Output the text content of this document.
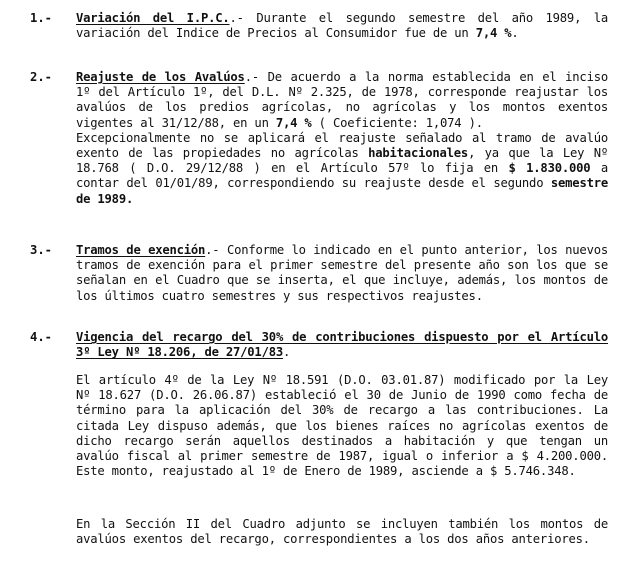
1.- Variación del I.P.C..- Durante el segundo semestre del año 1989, la variación del Indice de Precios al Consumidor fue de un 7,4 %.
2.- Reajuste de los Avalúos.- De acuerdo a la norma establecida en el inciso 1º del Artículo 1º, del D.L. Nº 2.325, de 1978, corresponde reajustar los avalúos de los predios agrícolas, no agrícolas y los montos exentos vigentes al 31/12/88, en un 7,4 % ( Coeficiente: 1,074 ).
Excepcionalmente no se aplicará el reajuste señalado al tramo de avalúo exento de las propiedades no agrícolas habitacionales, ya que la Ley Nº 18.768 ( D.O. 29/12/88 ) en el Artículo 57º lo fija en $ 1.830.000 a contar del 01/01/89, correspondiendo su reajuste desde el segundo semestre de 1989.
3.- Tramos de exención.- Conforme lo indicado en el punto anterior, los nuevos tramos de exención para el primer semestre del presente año son los que se señalan en el Cuadro que se inserta, el que incluye, además, los montos de los últimos cuatro semestres y sus respectivos reajustes.
4.- Vigencia del recargo del 30% de contribuciones dispuesto por el Artículo 3º Ley Nº 18.206, de 27/01/83.
El artículo 4º de la Ley Nº 18.591 (D.O. 03.01.87) modificado por la Ley Nº 18.627 (D.O. 26.06.87) estableció el 30 de Junio de 1990 como fecha de término para la aplicación del 30% de recargo a las contribuciones. La citada Ley dispuso además, que los bienes raíces no agrícolas exentos de dicho recargo serán aquellos destinados a habitación y que tengan un avalúo fiscal al primer semestre de 1987, igual o inferior a $ 4.200.000. Este monto, reajustado al 1º de Enero de 1989, asciende a $ 5.746.348.
En la Sección II del Cuadro adjunto se incluyen también los montos de avalúos exentos del recargo, correspondientes a los dos años anteriores.
